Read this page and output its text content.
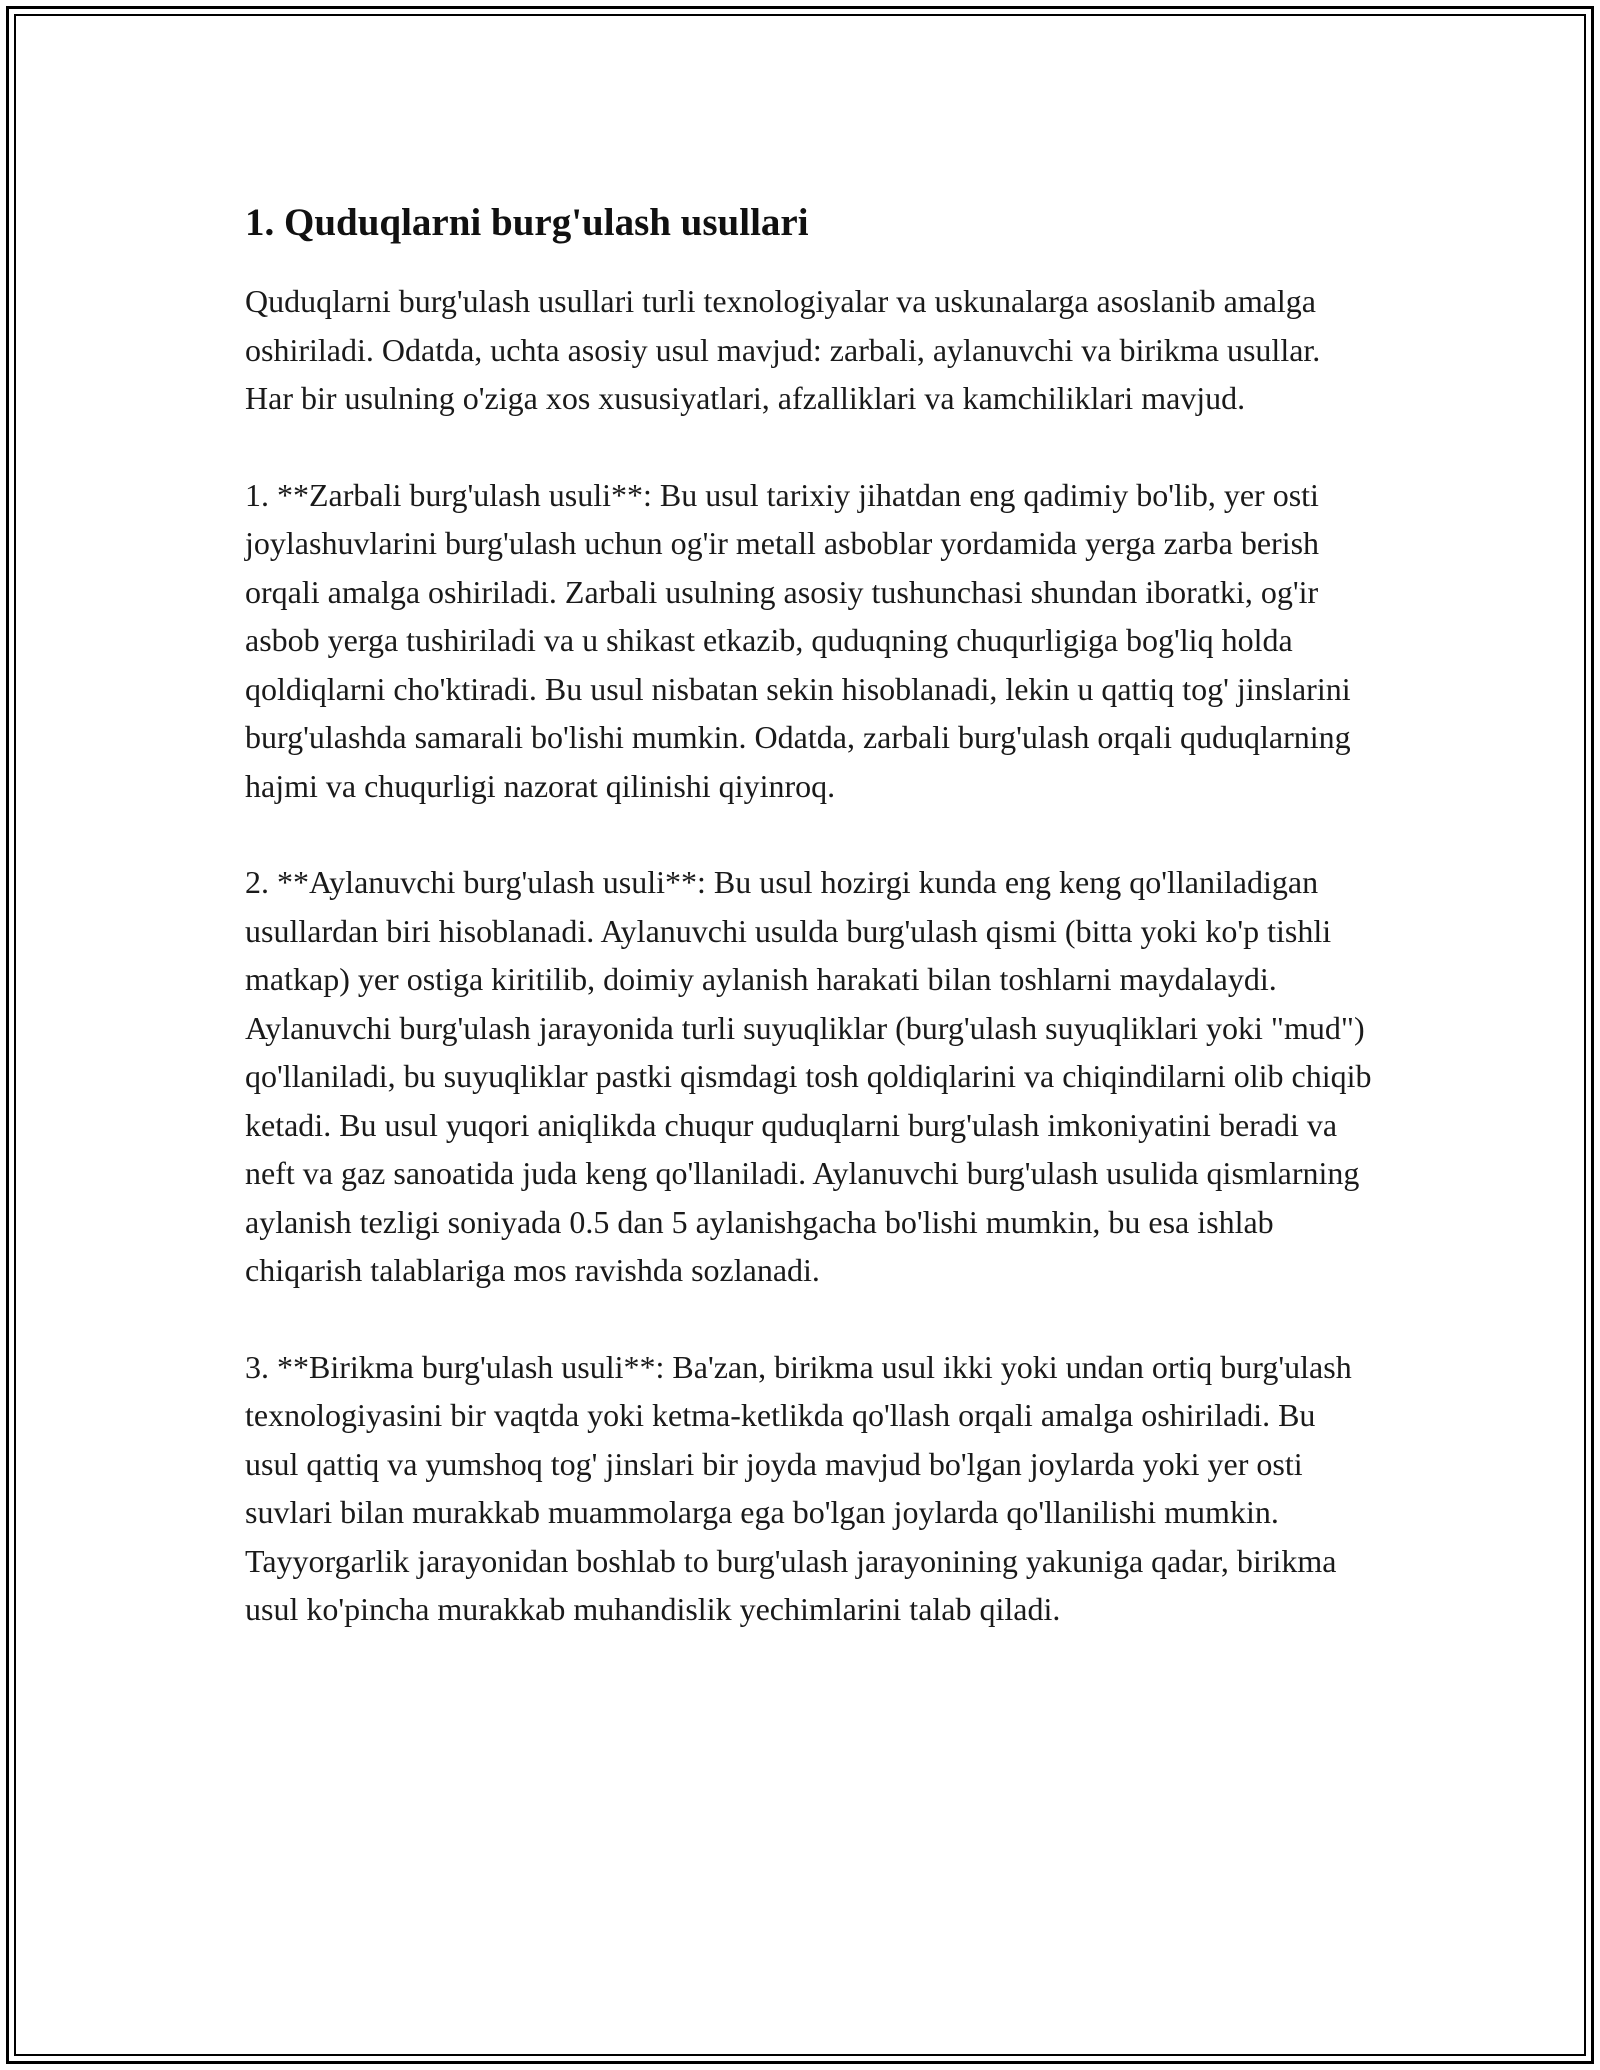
1. Quduqlarni burg'ulash usullari

Quduqlarni burg'ulash usullari turli texnologiyalar va uskunalarga asoslanib amalga oshiriladi. Odatda, uchta asosiy usul mavjud: zarbali, aylanuvchi va birikma usullar. Har bir usulning o'ziga xos xususiyatlari, afzalliklari va kamchiliklari mavjud.

1. **Zarbali burg'ulash usuli**: Bu usul tarixiy jihatdan eng qadimiy bo'lib, yer osti joylashuvlarini burg'ulash uchun og'ir metall asboblar yordamida yerga zarba berish orqali amalga oshiriladi. Zarbali usulning asosiy tushunchasi shundan iboratki, og'ir asbob yerga tushiriladi va u shikast etkazib, quduqning chuqurligiga bog'liq holda qoldiqlarni cho'ktiradi. Bu usul nisbatan sekin hisoblanadi, lekin u qattiq tog' jinslarini burg'ulashda samarali bo'lishi mumkin. Odatda, zarbali burg'ulash orqali quduqlarning hajmi va chuqurligi nazorat qilinishi qiyinroq.

2. **Aylanuvchi burg'ulash usuli**: Bu usul hozirgi kunda eng keng qo'llaniladigan usullardan biri hisoblanadi. Aylanuvchi usulda burg'ulash qismi (bitta yoki ko'p tishli matkap) yer ostiga kiritilib, doimiy aylanish harakati bilan toshlarni maydalaydi. Aylanuvchi burg'ulash jarayonida turli suyuqliklar (burg'ulash suyuqliklari yoki "mud") qo'llaniladi, bu suyuqliklar pastki qismdagi tosh qoldiqlarini va chiqindilarni olib chiqib ketadi. Bu usul yuqori aniqlikda chuqur quduqlarni burg'ulash imkoniyatini beradi va neft va gaz sanoatida juda keng qo'llaniladi. Aylanuvchi burg'ulash usulida qismlarning aylanish tezligi soniyada 0.5 dan 5 aylanishgacha bo'lishi mumkin, bu esa ishlab chiqarish talablariga mos ravishda sozlanadi.

3. **Birikma burg'ulash usuli**: Ba'zan, birikma usul ikki yoki undan ortiq burg'ulash texnologiyasini bir vaqtda yoki ketma-ketlikda qo'llash orqali amalga oshiriladi. Bu usul qattiq va yumshoq tog' jinslari bir joyda mavjud bo'lgan joylarda yoki yer osti suvlari bilan murakkab muammolarga ega bo'lgan joylarda qo'llanilishi mumkin. Tayyorgarlik jarayonidan boshlab to burg'ulash jarayonining yakuniga qadar, birikma usul ko'pincha murakkab muhandislik yechimlarini talab qiladi.
